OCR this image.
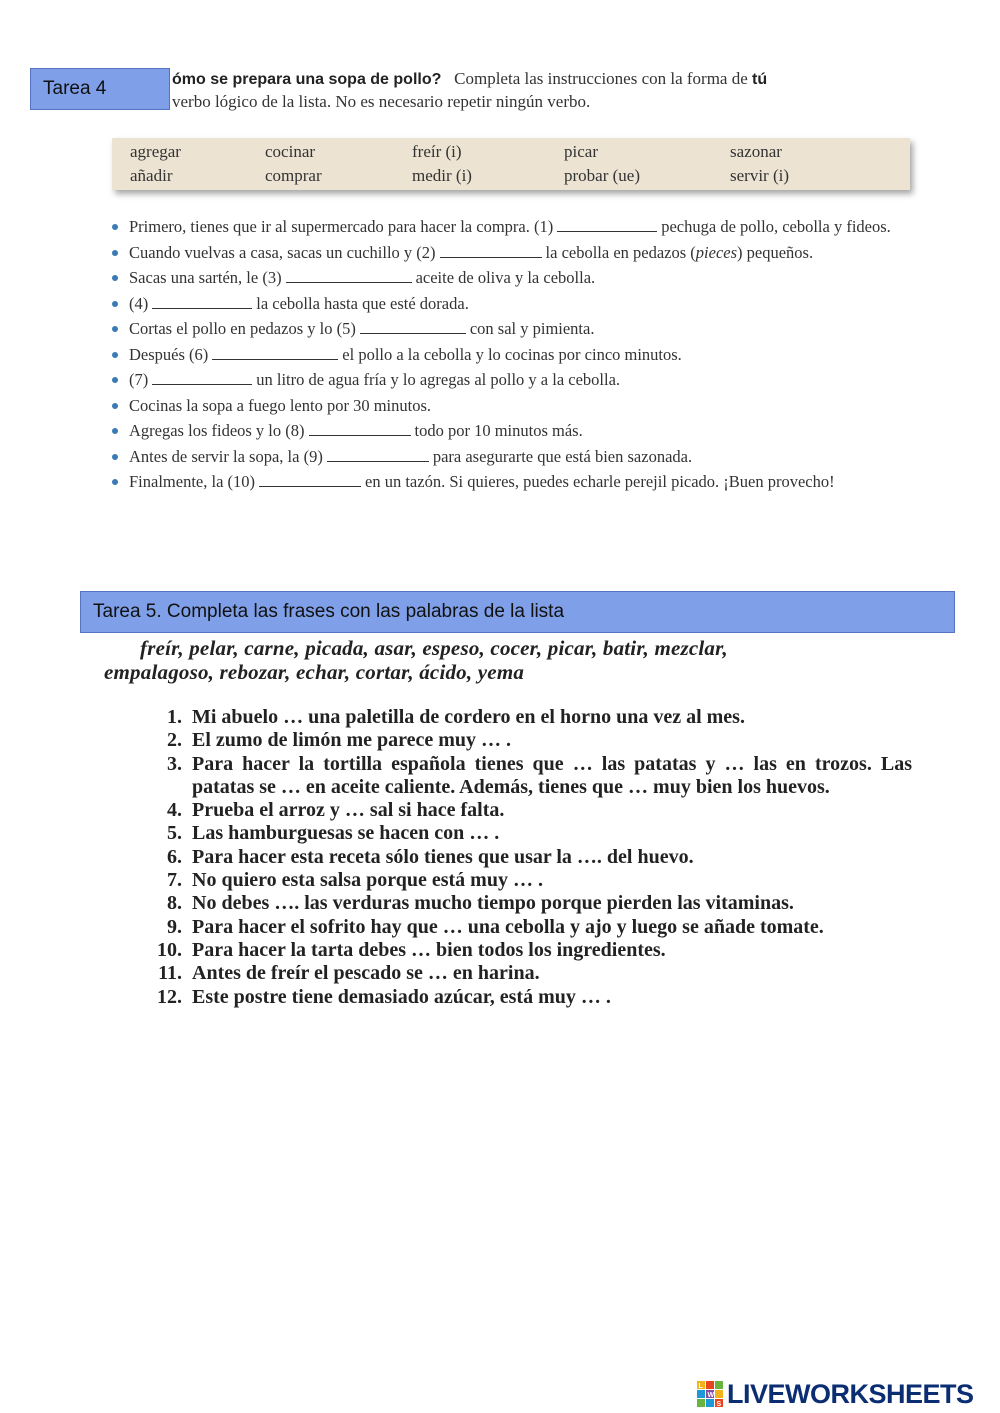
Tarea 4	ómo se prepara una sopa de pollo? Completa las instrucciones con la forma de tú
verbo lógico de la lista. No es necesario repetir ningún verbo.
agregar	cocinar	freír (i)	picar	sazonar
añadir	comprar	medir (i)	probar (ue)	servir (i)
Primero, tienes que ir al supermercado para hacer la compra. (1)	pechuga de pollo, cebolla y fideos.
Cuando vuelvas a casa, sacas un cuchillo y (2)	la cebolla en pedazos (pieces) pequeños.
Sacas una sartén, le (3)	aceite de oliva y la cebolla.
(4)	la cebolla hasta que esté dorada.
Cortas el pollo en pedazos y lo (5)	con sal y pimienta.
Después (6)	el pollo a la cebolla y lo cocinas por cinco minutos.
(7)	un litro de agua fría y lo agregas al pollo y a la cebolla.
Cocinas la sopa a fuego lento por 30 minutos.
Agregas los fideos y lo (8)	todo por 10 minutos más.
Antes de servir la sopa, la (9)	para asegurarte que está bien sazonada.
Finalmente, la (10)	en un tazón. Si quieres, puedes echarle perejil picado. ¡Buen provecho!
Tarea 5. Completa las frases con las palabras de la lista
freír, pelar, carne, picada, asar, espeso, cocer, picar, batir, mezclar,
empalagoso, rebozar, echar, cortar, ácido, yema
1. Mi abuelo … una paletilla de cordero en el horno una vez al mes.
2. El zumo de limón me parece muy … .
3. Para hacer la tortilla española tienes que … las patatas y … las en trozos. Las patatas se … en aceite caliente. Además, tienes que … muy bien los huevos.
4. Prueba el arroz y … sal si hace falta.
5. Las hamburguesas se hacen con … .
6. Para hacer esta receta sólo tienes que usar la …. del huevo.
7. No quiero esta salsa porque está muy … .
8. No debes …. las verduras mucho tiempo porque pierden las vitaminas.
9. Para hacer el sofrito hay que … una cebolla y ajo y luego se añade tomate.
10. Para hacer la tarta debes … bien todos los ingredientes.
11. Antes de freír el pescado se … en harina.
12. Este postre tiene demasiado azúcar, está muy … .
L
W
S LIVEWORKSHEETS
